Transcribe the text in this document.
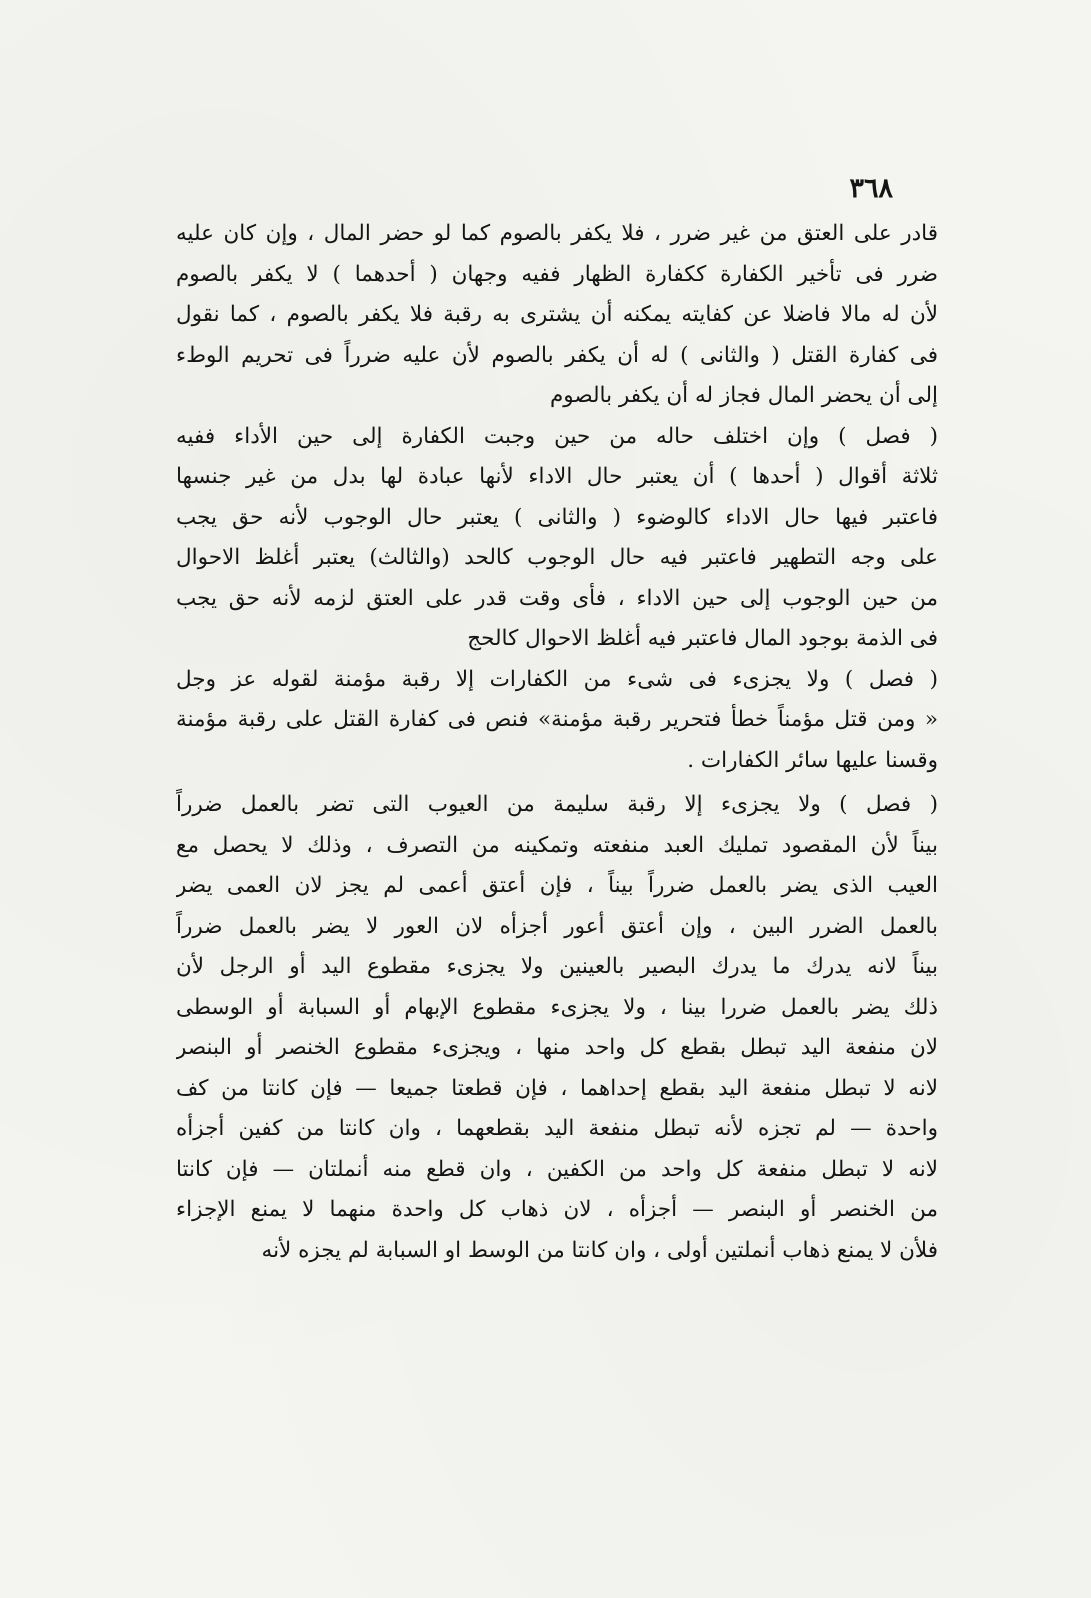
٣٦٨
قادر على العتق من غير ضرر ، فلا يكفر بالصوم كما لو حضر المال ، وإن كان عليه
ضرر فى تأخير الكفارة ككفارة الظهار ففيه وجهان ( أحدهما ) لا يكفر بالصوم
لأن له مالا فاضلا عن كفايته يمكنه أن يشترى به رقبة فلا يكفر بالصوم ، كما نقول
فى كفارة القتل ( والثانى ) له أن يكفر بالصوم لأن عليه ضرراً فى تحريم الوطء
إلى أن يحضر المال فجاز له أن يكفر بالصوم
( فصل ) وإن اختلف حاله من حين وجبت الكفارة إلى حين الأداء ففيه
ثلاثة أقوال ( أحدها ) أن يعتبر حال الاداء لأنها عبادة لها بدل من غير جنسها
فاعتبر فيها حال الاداء كالوضوء ( والثانى ) يعتبر حال الوجوب لأنه حق يجب
على وجه التطهير فاعتبر فيه حال الوجوب كالحد (والثالث) يعتبر أغلظ الاحوال
من حين الوجوب إلى حين الاداء ، فأى وقت قدر على العتق لزمه لأنه حق يجب
فى الذمة بوجود المال فاعتبر فيه أغلظ الاحوال كالحج
( فصل ) ولا يجزىء فى شىء من الكفارات إلا رقبة مؤمنة لقوله عز وجل
« ومن قتل مؤمناً خطأ فتحرير رقبة مؤمنة» فنص فى كفارة القتل على رقبة مؤمنة
وقسنا عليها سائر الكفارات .
( فصل ) ولا يجزىء إلا رقبة سليمة من العيوب التى تضر بالعمل ضرراً
بيناً لأن المقصود تمليك العبد منفعته وتمكينه من التصرف ، وذلك لا يحصل مع
العيب الذى يضر بالعمل ضرراً بيناً ، فإن أعتق أعمى لم يجز لان العمى يضر
بالعمل الضرر البين ، وإن أعتق أعور أجزأه لان العور لا يضر بالعمل ضرراً
بيناً لانه يدرك ما يدرك البصير بالعينين ولا يجزىء مقطوع اليد أو الرجل لأن
ذلك يضر بالعمل ضررا بينا ، ولا يجزىء مقطوع الإبهام أو السبابة أو الوسطى
لان منفعة اليد تبطل بقطع كل واحد منها ، ويجزىء مقطوع الخنصر أو البنصر
لانه لا تبطل منفعة اليد بقطع إحداهما ، فإن قطعتا جميعا — فإن كانتا من كف
واحدة — لم تجزه لأنه تبطل منفعة اليد بقطعهما ، وان كانتا من كفين أجزأه
لانه لا تبطل منفعة كل واحد من الكفين ، وان قطع منه أنملتان — فإن كانتا
من الخنصر أو البنصر — أجزأه ، لان ذهاب كل واحدة منهما لا يمنع الإجزاء
فلأن لا يمنع ذهاب أنملتين أولى ، وان كانتا من الوسط او السبابة لم يجزه لأنه
